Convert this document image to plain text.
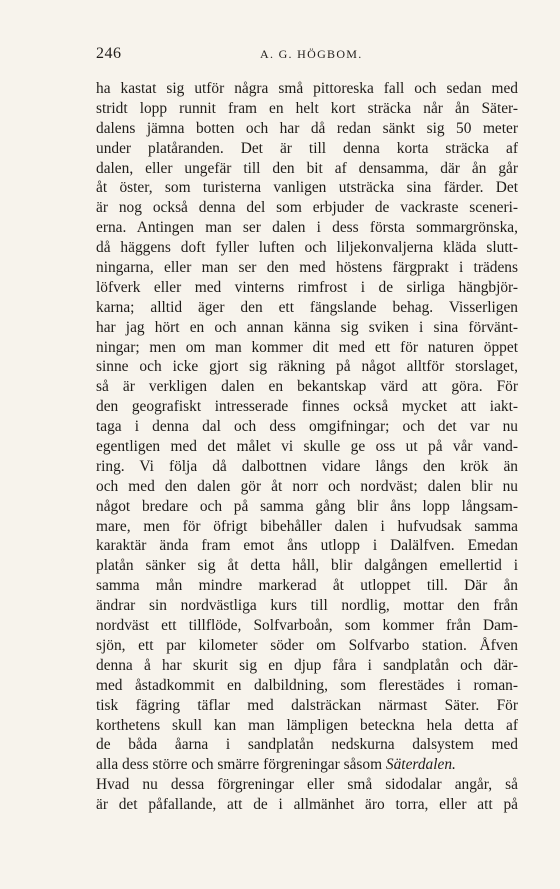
246	A. G. HÖGBOM.
ha kastat sig utför några små pittoreska fall och sedan med
stridt lopp runnit fram en helt kort sträcka når ån Säter-
dalens jämna botten och har då redan sänkt sig 50 meter
under platåranden. Det är till denna korta sträcka af
dalen, eller ungefär till den bit af densamma, där ån går
åt öster, som turisterna vanligen utsträcka sina färder. Det
är nog också denna del som erbjuder de vackraste sceneri-
erna. Antingen man ser dalen i dess första sommargrönska,
då häggens doft fyller luften och liljekonvaljerna kläda slutt-
ningarna, eller man ser den med höstens färgprakt i trädens
löfverk eller med vinterns rimfrost i de sirliga hängbjör-
karna; alltid äger den ett fängslande behag. Visserligen
har jag hört en och annan känna sig sviken i sina förvänt-
ningar; men om man kommer dit med ett för naturen öppet
sinne och icke gjort sig räkning på något alltför storslaget,
så är verkligen dalen en bekantskap värd att göra. För
den geografiskt intresserade finnes också mycket att iakt-
taga i denna dal och dess omgifningar; och det var nu
egentligen med det målet vi skulle ge oss ut på vår vand-
ring. Vi följa då dalbottnen vidare långs den krök än
och med den dalen gör åt norr och nordväst; dalen blir nu
något bredare och på samma gång blir åns lopp långsam-
mare, men för öfrigt bibehåller dalen i hufvudsak samma
karaktär ända fram emot åns utlopp i Dalälfven. Emedan
platån sänker sig åt detta håll, blir dalgången emellertid i
samma mån mindre markerad åt utloppet till. Där ån
ändrar sin nordvästliga kurs till nordlig, mottar den från
nordväst ett tillflöde, Solfvarboån, som kommer från Dam-
sjön, ett par kilometer söder om Solfvarbo station. Åfven
denna å har skurit sig en djup fåra i sandplatån och där-
med åstadkommit en dalbildning, som flerestädes i roman-
tisk fägring täflar med dalsträckan närmast Säter. För
korthetens skull kan man lämpligen beteckna hela detta af
de båda åarna i sandplatån nedskurna dalsystem med
alla dess större och smärre förgreningar såsom Säterdalen.
Hvad nu dessa förgreningar eller små sidodalar angår, så
är det påfallande, att de i allmänhet äro torra, eller att på
